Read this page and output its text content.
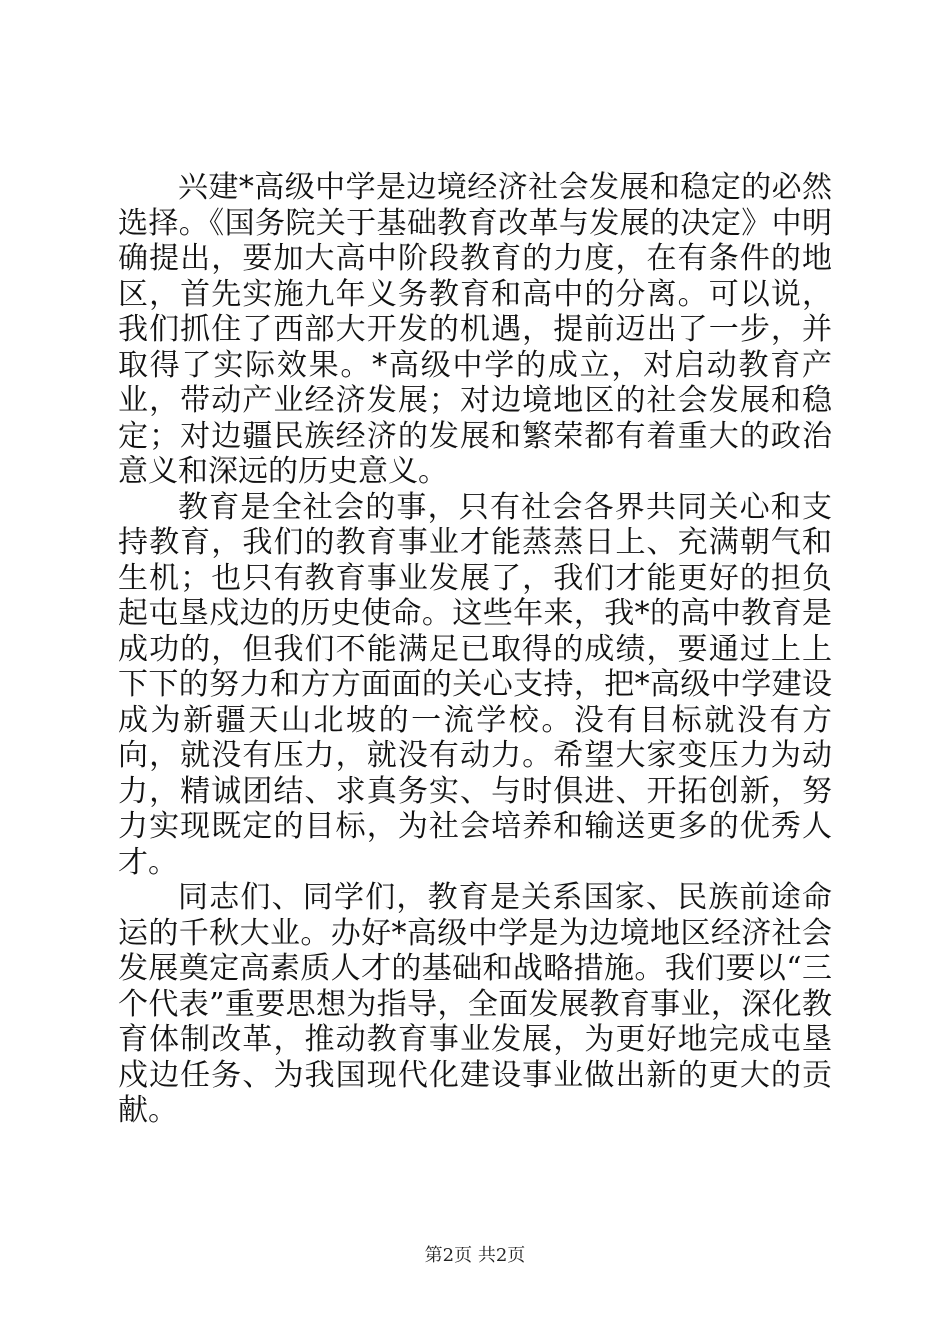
兴建*高级中学是边境经济社会发展和稳定的必然选择。《国务院关于基础教育改革与发展的决定》中明确提出，要加大高中阶段教育的力度，在有条件的地区，首先实施九年义务教育和高中的分离。可以说，我们抓住了西部大开发的机遇，提前迈出了一步，并取得了实际效果。*高级中学的成立，对启动教育产业，带动产业经济发展；对边境地区的社会发展和稳定；对边疆民族经济的发展和繁荣都有着重大的政治意义和深远的历史意义。

教育是全社会的事，只有社会各界共同关心和支持教育，我们的教育事业才能蒸蒸日上、充满朝气和生机；也只有教育事业发展了，我们才能更好的担负起屯垦戍边的历史使命。这些年来，我*的高中教育是成功的，但我们不能满足已取得的成绩，要通过上上下下的努力和方方面面的关心支持，把*高级中学建设成为新疆天山北坡的一流学校。没有目标就没有方向，就没有压力，就没有动力。希望大家变压力为动力，精诚团结、求真务实、与时俱进、开拓创新，努力实现既定的目标，为社会培养和输送更多的优秀人才。

同志们、同学们，教育是关系国家、民族前途命运的千秋大业。办好*高级中学是为边境地区经济社会发展奠定高素质人才的基础和战略措施。我们要以“三个代表”重要思想为指导，全面发展教育事业，深化教育体制改革，推动教育事业发展，为更好地完成屯垦戍边任务、为我国现代化建设事业做出新的更大的贡献。

第2页 共2页
